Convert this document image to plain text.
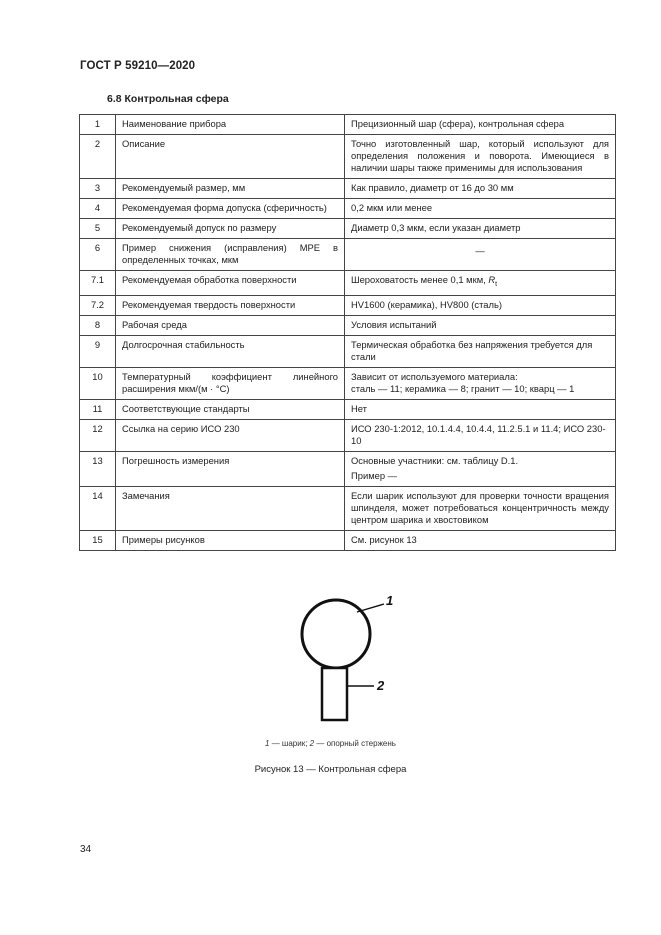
ГОСТ Р 59210—2020
6.8 Контрольная сфера
1	Наименование прибора	Прецизионный шар (сфера), контрольная сфера
2	Описание	Точно изготовленный шар, который используют для определения положения и поворота. Имеющиеся в наличии шары также применимы для использования
3	Рекомендуемый размер, мм	Как правило, диаметр от 16 до 30 мм
4	Рекомендуемая форма допуска (сферичность)	0,2 мкм или менее
5	Рекомендуемый допуск по размеру	Диаметр 0,3 мкм, если указан диаметр
6	Пример снижения (исправления) МРЕ в определенных точках, мкм	—
7.1	Рекомендуемая обработка поверхности	Шероховатость менее 0,1 мкм, $R_t$
7.2	Рекомендуемая твердость поверхности	HV1600 (керамика), HV800 (сталь)
8	Рабочая среда	Условия испытаний
9	Долгосрочная стабильность	Термическая обработка без напряжения требуется для стали
10	Температурный коэффициент линейного расширения мкм/(м · °С)	Зависит от используемого материала:
сталь — 11; керамика — 8; гранит — 10; кварц — 1

11	Соответствующие стандарты	Нет
12	Ссылка на серию ИСО 230	ИСО 230-1:2012, 10.1.4.4, 10.4.4, 11.2.5.1 и 11.4; ИСО 230-10
13	Погрешность измерения	Основные участники: см. таблицу D.1.
Пример —

14	Замечания	Если шарик используют для проверки точности вращения шпинделя, может потребоваться концентричность между центром шарика и хвостовиком
15	Примеры рисунков	См. рисунок 13
1
2
1 — шарик; 2 — опорный стержень
Рисунок 13 — Контрольная сфера
34
